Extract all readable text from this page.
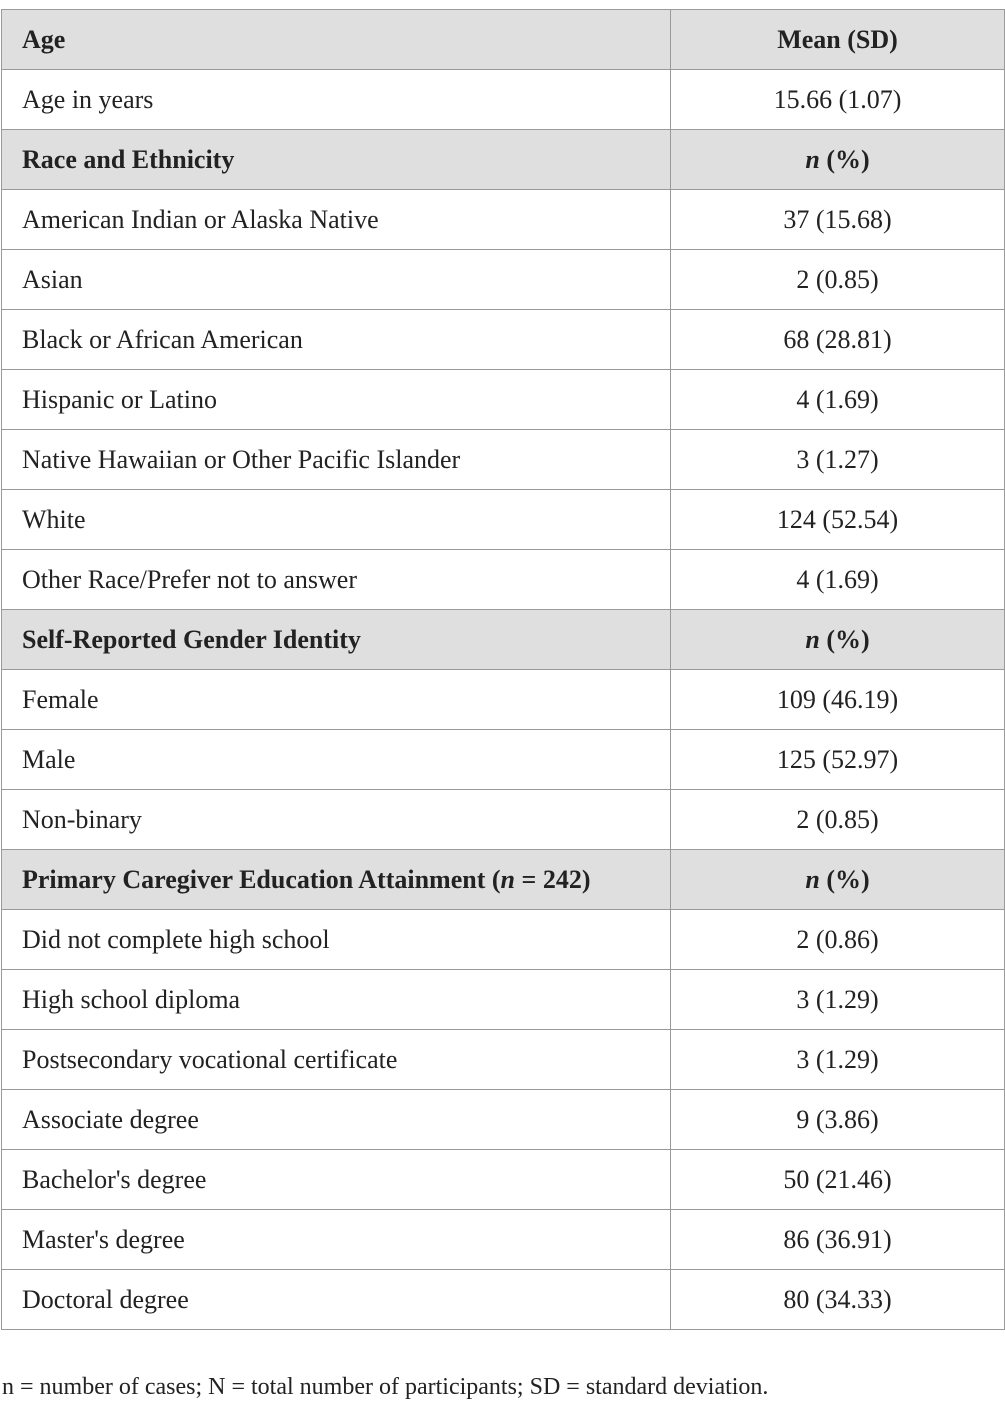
Age	Mean (SD)
Age in years	15.66 (1.07)
Race and Ethnicity	n (%)
American Indian or Alaska Native	37 (15.68)
Asian	2 (0.85)
Black or African American	68 (28.81)
Hispanic or Latino	4 (1.69)
Native Hawaiian or Other Pacific Islander	3 (1.27)
White	124 (52.54)
Other Race/Prefer not to answer	4 (1.69)
Self-Reported Gender Identity	n (%)
Female	109 (46.19)
Male	125 (52.97)
Non-binary	2 (0.85)
Primary Caregiver Education Attainment (n = 242)	n (%)
Did not complete high school	2 (0.86)
High school diploma	3 (1.29)
Postsecondary vocational certificate	3 (1.29)
Associate degree	9 (3.86)
Bachelor's degree	50 (21.46)
Master's degree	86 (36.91)
Doctoral degree	80 (34.33)
n = number of cases; N = total number of participants; SD = standard deviation.
